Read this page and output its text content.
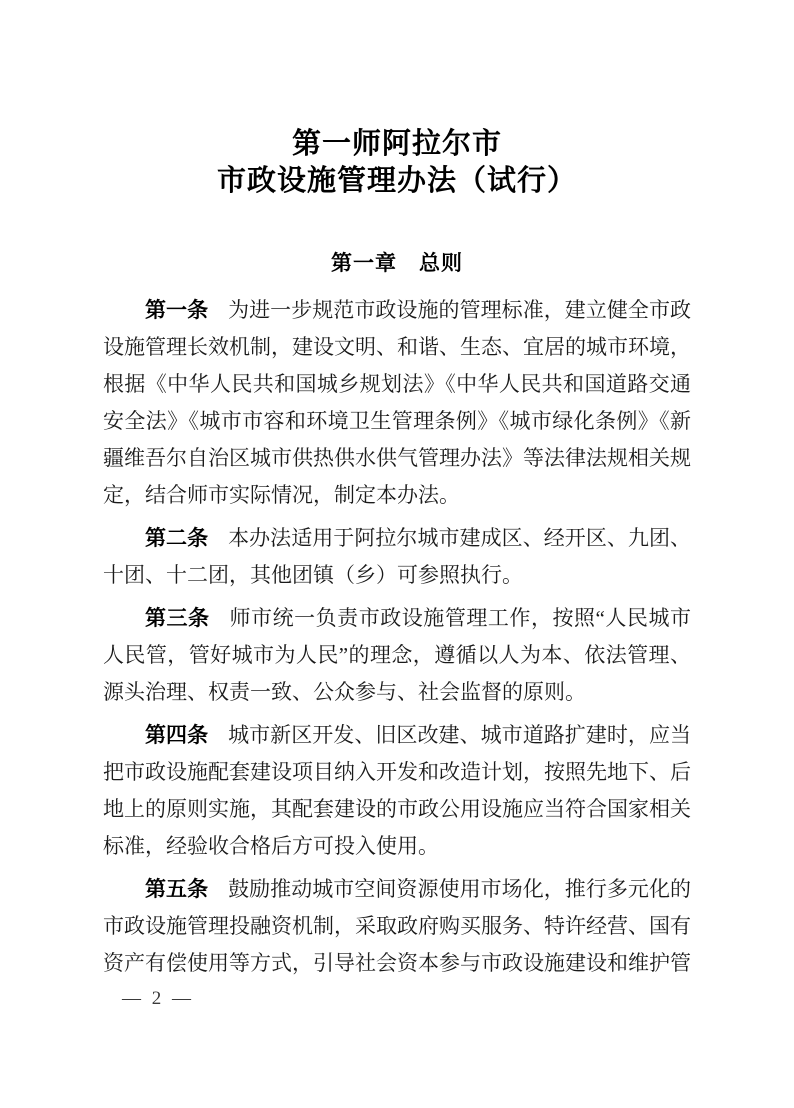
第一师阿拉尔市
市政设施管理办法（试行）
第一章　总则

第一条 为进一步规范市政设施的管理标准，建立健全市政设施管理长效机制，建设文明、和谐、生态、宜居的城市环境，根据《中华人民共和国城乡规划法》《中华人民共和国道路交通安全法》《城市市容和环境卫生管理条例》《城市绿化条例》《新疆维吾尔自治区城市供热供水供气管理办法》等法律法规相关规定，结合师市实际情况，制定本办法。

第二条 本办法适用于阿拉尔城市建成区、经开区、九团、十团、十二团，其他团镇（乡）可参照执行。

第三条 师市统一负责市政设施管理工作，按照“人民城市人民管，管好城市为人民”的理念，遵循以人为本、依法管理、源头治理、权责一致、公众参与、社会监督的原则。

第四条 城市新区开发、旧区改建、城市道路扩建时，应当把市政设施配套建设项目纳入开发和改造计划，按照先地下、后地上的原则实施，其配套建设的市政公用设施应当符合国家相关标准，经验收合格后方可投入使用。

第五条 鼓励推动城市空间资源使用市场化，推行多元化的市政设施管理投融资机制，采取政府购买服务、特许经营、国有资产有偿使用等方式，引导社会资本参与市政设施建设和维护管

— 2 —
